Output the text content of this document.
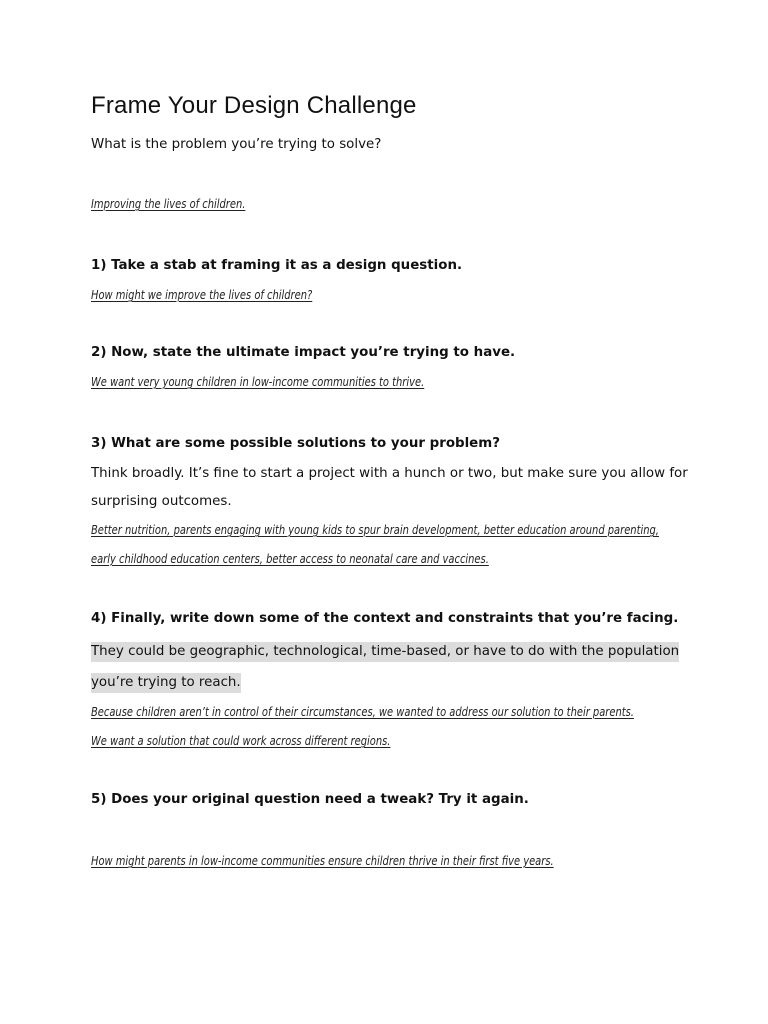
Frame Your Design Challenge
What is the problem you’re trying to solve?
Improving the lives of children.
1) Take a stab at framing it as a design question.
How might we improve the lives of children?
2) Now, state the ultimate impact you’re trying to have.
We want very young children in low-income communities to thrive.
3) What are some possible solutions to your problem?
Think broadly. It’s fine to start a project with a hunch or two, but make sure you allow for
surprising outcomes.
Better nutrition, parents engaging with young kids to spur brain development, better education around parenting,
early childhood education centers, better access to neonatal care and vaccines.
4) Finally, write down some of the context and constraints that you’re facing.
They could be geographic, technological, time-based, or have to do with the population
you’re trying to reach.
Because children aren’t in control of their circumstances, we wanted to address our solution to their parents.
We want a solution that could work across different regions.
5) Does your original question need a tweak? Try it again.
How might parents in low-income communities ensure children thrive in their first five years.
